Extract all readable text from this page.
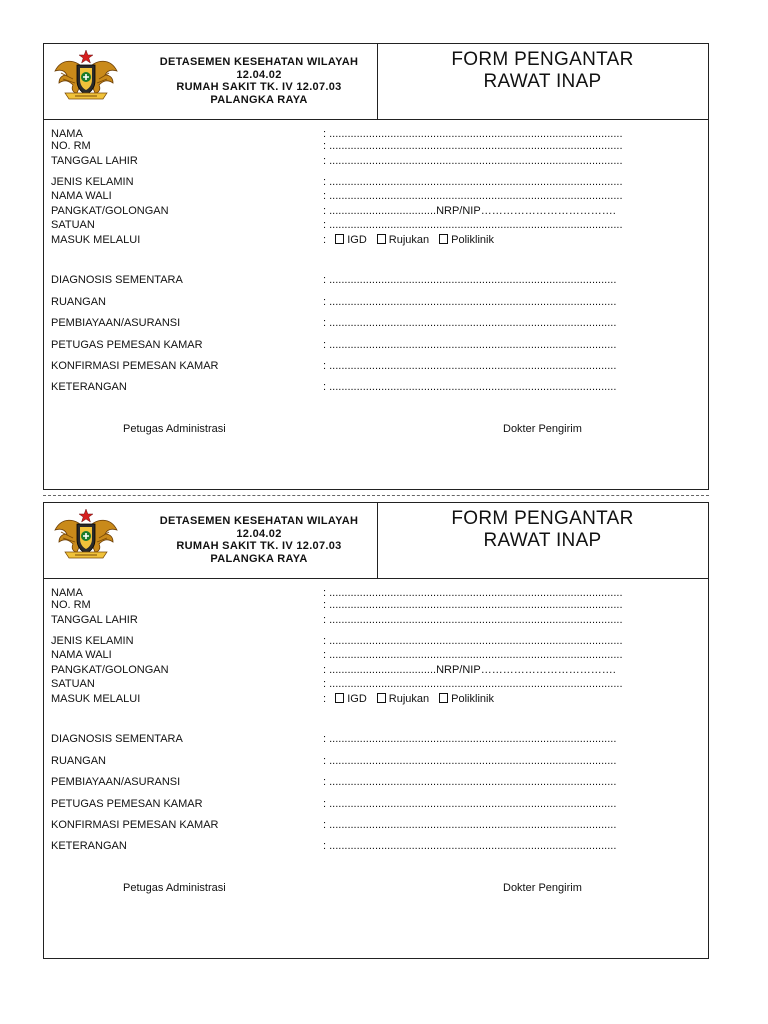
DETASEMEN KESEHATAN WILAYAH
12.04.02
RUMAH SAKIT TK. IV 12.07.03
PALANGKA RAYA
FORM PENGANTAR
RAWAT INAP
NAMA	: ................................................................................................
NO. RM	: ................................................................................................
TANGGAL LAHIR	: ................................................................................................
JENIS KELAMIN	: ................................................................................................
NAMA WALI	: ................................................................................................
PANGKAT/GOLONGAN	: ...................................NRP/NIP……………………………….
SATUAN	: ................................................................................................
MASUK MELALUI	: IGD Rujukan Poliklinik
DIAGNOSIS SEMENTARA	: ..............................................................................................
RUANGAN	: ..............................................................................................
PEMBIAYAAN/ASURANSI	: ..............................................................................................
PETUGAS PEMESAN KAMAR	: ..............................................................................................
KONFIRMASI PEMESAN KAMAR	: ..............................................................................................
KETERANGAN	: ..............................................................................................
Petugas Administrasi	Dokter Pengirim
DETASEMEN KESEHATAN WILAYAH
12.04.02
RUMAH SAKIT TK. IV 12.07.03
PALANGKA RAYA
FORM PENGANTAR
RAWAT INAP
NAMA	: ................................................................................................
NO. RM	: ................................................................................................
TANGGAL LAHIR	: ................................................................................................
JENIS KELAMIN	: ................................................................................................
NAMA WALI	: ................................................................................................
PANGKAT/GOLONGAN	: ...................................NRP/NIP……………………………….
SATUAN	: ................................................................................................
MASUK MELALUI	: IGD Rujukan Poliklinik
DIAGNOSIS SEMENTARA	: ..............................................................................................
RUANGAN	: ..............................................................................................
PEMBIAYAAN/ASURANSI	: ..............................................................................................
PETUGAS PEMESAN KAMAR	: ..............................................................................................
KONFIRMASI PEMESAN KAMAR	: ..............................................................................................
KETERANGAN	: ..............................................................................................
Petugas Administrasi	Dokter Pengirim
